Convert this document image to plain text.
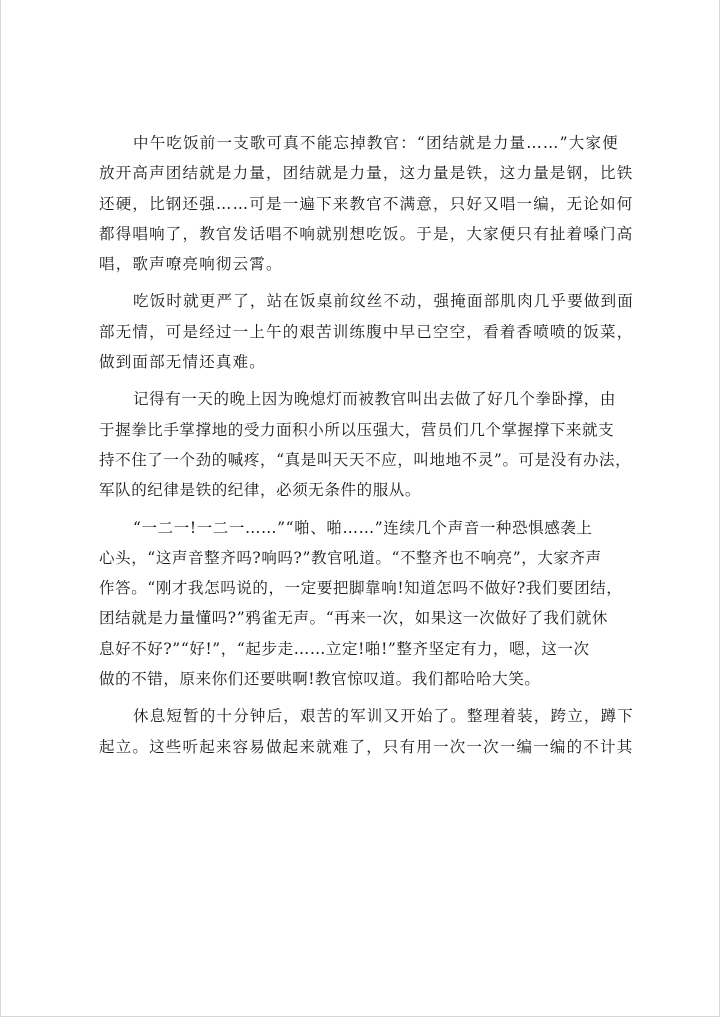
中午吃饭前一支歌可真不能忘掉教官：“团结就是力量……”大家便
放开高声团结就是力量，团结就是力量，这力量是铁，这力量是钢，比铁
还硬，比钢还强……可是一遍下来教官不满意，只好又唱一编，无论如何
都得唱响了，教官发话唱不响就别想吃饭。于是，大家便只有扯着嗓门高
唱，歌声嘹亮响彻云霄。

吃饭时就更严了，站在饭桌前纹丝不动，强掩面部肌肉几乎要做到面
部无情，可是经过一上午的艰苦训练腹中早已空空，看着香喷喷的饭菜，
做到面部无情还真难。

记得有一天的晚上因为晚熄灯而被教官叫出去做了好几个拳卧撑，由
于握拳比手掌撑地的受力面积小所以压强大，营员们几个掌握撑下来就支
持不住了一个劲的喊疼，“真是叫天天不应，叫地地不灵”。可是没有办法，
军队的纪律是铁的纪律，必须无条件的服从。

“一二一!一二一……”“啪、啪……”连续几个声音一种恐惧感袭上
心头，“这声音整齐吗?响吗?”教官吼道。“不整齐也不响亮”，大家齐声
作答。“刚才我怎吗说的，一定要把脚靠响!知道怎吗不做好?我们要团结，
团结就是力量懂吗?”鸦雀无声。“再来一次，如果这一次做好了我们就休
息好不好?”“好!”，“起步走……立定!啪!”整齐坚定有力，嗯，这一次
做的不错，原来你们还要哄啊!教官惊叹道。我们都哈哈大笑。

休息短暂的十分钟后，艰苦的军训又开始了。整理着装，跨立，蹲下
起立。这些听起来容易做起来就难了，只有用一次一次一编一编的不计其
